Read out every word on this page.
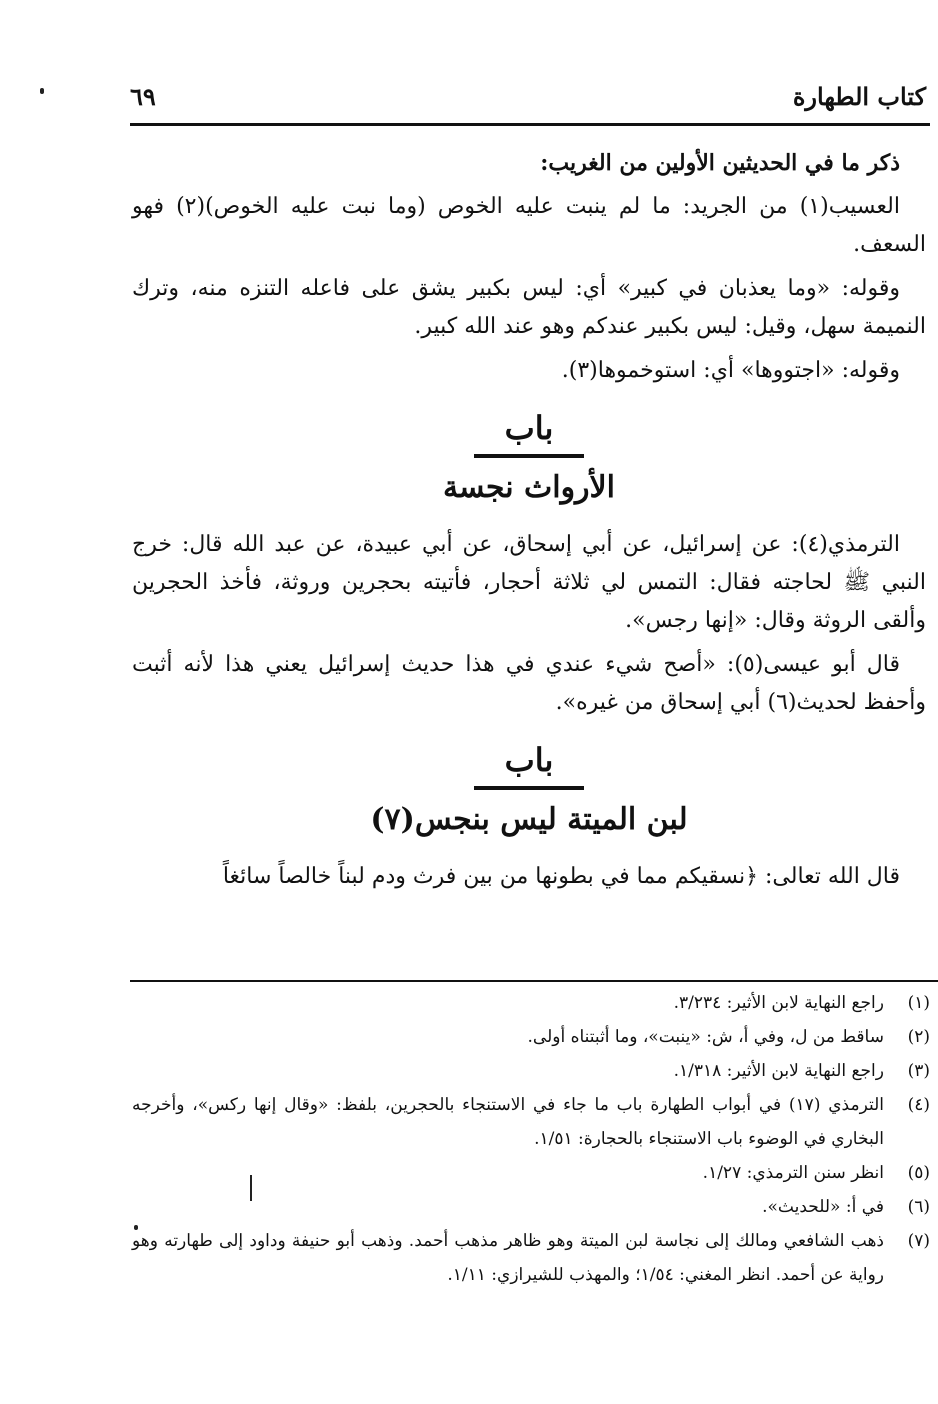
كتاب الطهارة
٦٩

ذكر ما في الحديثين الأولين من الغريب:

العسيب(١) من الجريد: ما لم ينبت عليه الخوص (وما نبت عليه الخوص)(٢) فهو السعف.

وقوله: «وما يعذبان في كبير» أي: ليس بكبير يشق على فاعله التنزه منه، وترك النميمة سهل، وقيل: ليس بكبير عندكم وهو عند الله كبير.

وقوله: «اجتووها» أي: استوخموها(٣).

باب
الأرواث نجسة

الترمذي(٤): عن إسرائيل، عن أبي إسحاق، عن أبي عبيدة، عن عبد الله قال: خرج النبي ﷺ لحاجته فقال: التمس لي ثلاثة أحجار، فأتيته بحجرين وروثة، فأخذ الحجرين وألقى الروثة وقال: «إنها رجس».

قال أبو عيسى(٥): «أصح شيء عندي في هذا حديث إسرائيل يعني هذا لأنه أثبت وأحفظ لحديث(٦) أبي إسحاق من غيره».

باب
لبن الميتة ليس بنجس(٧)

قال الله تعالى: ﴿نسقيكم مما في بطونها من بين فرث ودم لبناً خالصاً سائغاً

(١)
راجع النهاية لابن الأثير: ٣/٢٣٤.
(٢)
ساقط من ل، وفي أ، ش: «ينبت»، وما أثبتناه أولى.
(٣)
راجع النهاية لابن الأثير: ١/٣١٨.
(٤)
الترمذي (١٧) في أبواب الطهارة باب ما جاء في الاستنجاء بالحجرين، بلفظ: «وقال إنها ركس»، وأخرجه البخاري في الوضوء باب الاستنجاء بالحجارة: ١/٥١.
(٥)
انظر سنن الترمذي: ١/٢٧.
(٦)
في أ: «للحديث».
(٧)
ذهب الشافعي ومالك إلى نجاسة لبن الميتة وهو ظاهر مذهب أحمد. وذهب أبو حنيفة وداود إلى طهارته وهو رواية عن أحمد. انظر المغني: ١/٥٤؛ والمهذب للشيرازي: ١/١١.
